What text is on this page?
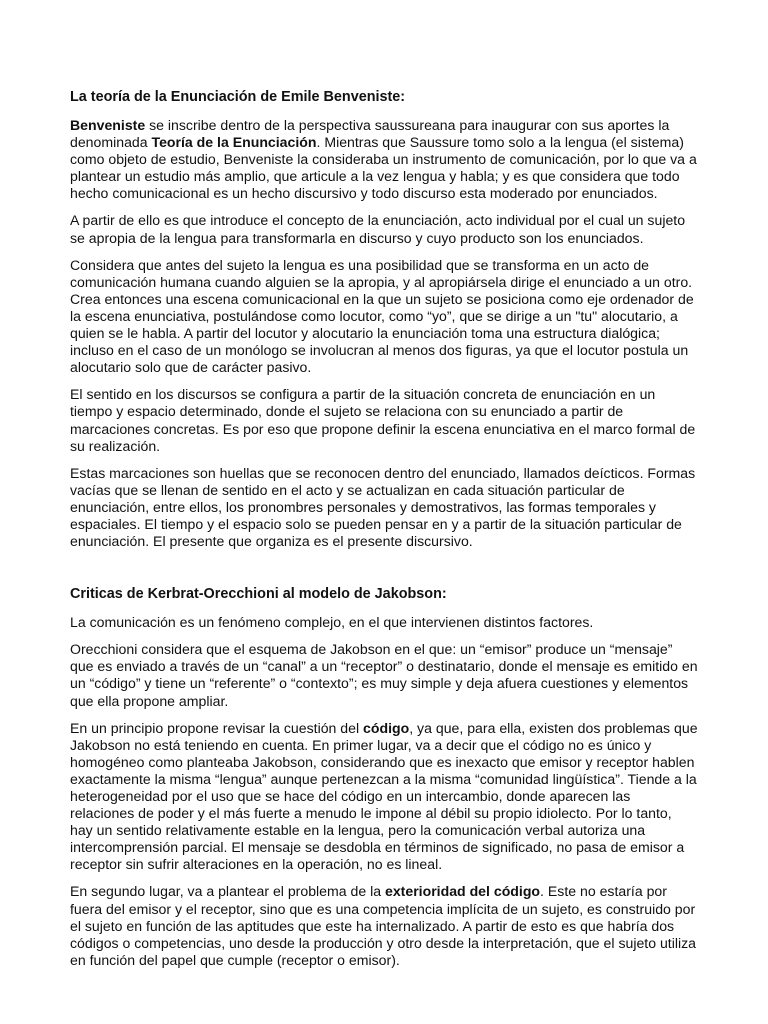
La teoría de la Enunciación de Emile Benveniste:

Benveniste se inscribe dentro de la perspectiva saussureana para inaugurar con sus aportes la denominada Teoría de la Enunciación. Mientras que Saussure tomo solo a la lengua (el sistema) como objeto de estudio, Benveniste la consideraba un instrumento de comunicación, por lo que va a plantear un estudio más amplio, que articule a la vez lengua y habla; y es que considera que todo hecho comunicacional es un hecho discursivo y todo discurso esta moderado por enunciados.

A partir de ello es que introduce el concepto de la enunciación, acto individual por el cual un sujeto se apropia de la lengua para transformarla en discurso y cuyo producto son los enunciados.

Considera que antes del sujeto la lengua es una posibilidad que se transforma en un acto de comunicación humana cuando alguien se la apropia, y al apropiársela dirige el enunciado a un otro. Crea entonces una escena comunicacional en la que un sujeto se posiciona como eje ordenador de la escena enunciativa, postulándose como locutor, como “yo”, que se dirige a un "tu" alocutario, a quien se le habla. A partir del locutor y alocutario la enunciación toma una estructura dialógica; incluso en el caso de un monólogo se involucran al menos dos figuras, ya que el locutor postula un alocutario solo que de carácter pasivo.

El sentido en los discursos se configura a partir de la situación concreta de enunciación en un tiempo y espacio determinado, donde el sujeto se relaciona con su enunciado a partir de marcaciones concretas. Es por eso que propone definir la escena enunciativa en el marco formal de su realización.

Estas marcaciones son huellas que se reconocen dentro del enunciado, llamados deícticos. Formas vacías que se llenan de sentido en el acto y se actualizan en cada situación particular de enunciación, entre ellos, los pronombres personales y demostrativos, las formas temporales y espaciales. El tiempo y el espacio solo se pueden pensar en y a partir de la situación particular de enunciación. El presente que organiza es el presente discursivo.

Criticas de Kerbrat-Orecchioni al modelo de Jakobson:

La comunicación es un fenómeno complejo, en el que intervienen distintos factores.

Orecchioni considera que el esquema de Jakobson en el que: un “emisor” produce un “mensaje” que es enviado a través de un “canal” a un “receptor” o destinatario, donde el mensaje es emitido en un “código” y tiene un “referente” o “contexto”; es muy simple y deja afuera cuestiones y elementos que ella propone ampliar.

En un principio propone revisar la cuestión del código, ya que, para ella, existen dos problemas que Jakobson no está teniendo en cuenta. En primer lugar, va a decir que el código no es único y homogéneo como planteaba Jakobson, considerando que es inexacto que emisor y receptor hablen exactamente la misma “lengua” aunque pertenezcan a la misma “comunidad lingüística”. Tiende a la heterogeneidad por el uso que se hace del código en un intercambio, donde aparecen las relaciones de poder y el más fuerte a menudo le impone al débil su propio idiolecto. Por lo tanto, hay un sentido relativamente estable en la lengua, pero la comunicación verbal autoriza una intercomprensión parcial. El mensaje se desdobla en términos de significado, no pasa de emisor a receptor sin sufrir alteraciones en la operación, no es lineal.

En segundo lugar, va a plantear el problema de la exterioridad del código. Este no estaría por fuera del emisor y el receptor, sino que es una competencia implícita de un sujeto, es construido por el sujeto en función de las aptitudes que este ha internalizado. A partir de esto es que habría dos códigos o competencias, uno desde la producción y otro desde la interpretación, que el sujeto utiliza en función del papel que cumple (receptor o emisor).
